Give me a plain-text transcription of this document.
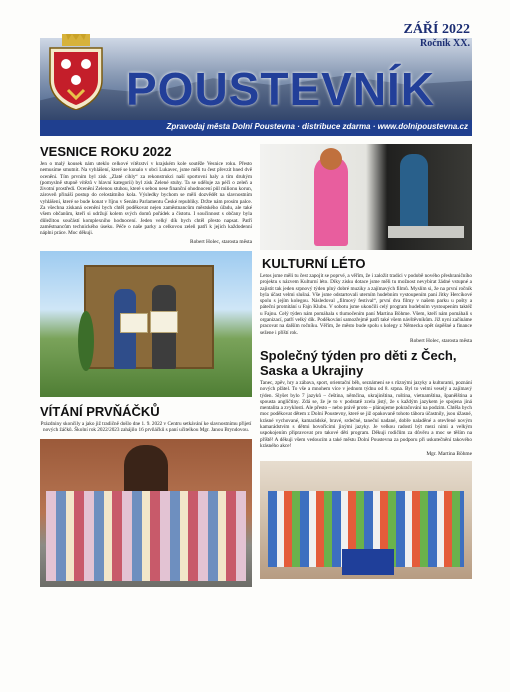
POUSTEVNÍK
ZÁŘÍ 2022
Ročník XX.
Zpravodaj města Dolní Poustevna · distribuce zdarma · www.dolnipoustevna.cz
VESNICE ROKU 2022

Jen o malý kousek nám uteklo celkové vítězství v krajském kole soutěže Vesnice roku. Přesto nemusíme smutnit. Na vyhlášení, které se konalo v obci Lukavec, jsme měli tu čest převzít hned dvě ocenění. Tím prvním byl zisk „Zlaté cihly“ za rekonstrukci naší sportovní haly a tím druhým (pomyslně stupně vítězů v hlavní kategorii) byl zisk Zelené stuhy. Ta se uděluje za péči o zeleň a životní prostředí. Ocenění Zelenou stuhou, které s sebou nese finanční ohodnocení půl milionu korun, zároveň přináší postup do celostátního kola. Výsledky bychom se měli dozvědět na slavnostním vyhlášení, které se bude konat v říjnu v Senátu Parlamentu České republiky. Držte nám prosím palce. Za všechna získaná ocenění bych chtěl poděkovat nejen zaměstnancům městského úřadu, ale také všem občanům, kteří si udržují kolem svých domů pořádek a čistotu. I součinnost s občany byla důležitou součástí komplexního hodnocení. Jeden velký dík bych chtěl přesto napsat. Patří zaměstnancům technického úseku. Péče o naše parky a celkovou zeleň patří k jejich každodenní náplni práce. Moc děkuji.

Robert Holec, starosta města
VÍTÁNÍ PRVŇÁČKŮ

Prázdniny skončily a jako již tradičně došlo dne 1. 9. 2022 v Centru setkávání ke slavnostnímu přijetí nových žáčků. Školní rok 2022/2023 zahájilo 16 prvňáčků s paní učitelkou Mgr. Janou Bryndovou.

KULTURNÍ LÉTO

Letos jsme měli tu čest zapojit se poprvé, a věřím, že i založit tradici v podobě nového přeshraničního projektu s názvem Kulturní léto. Díky zisku dotace jsme měli tu možnost nevybírat žádné vstupné a zajistit tak jeden srpnový týden plný dobré muziky a zajímavých filmů. Myslím si, že na první ročník byla účast velmi slušná. Vše jsme odstartovali uterním hudebním vystoupením paní Jitky Hercíkové spolu s jejím kolegou. Následoval „filmový festival“, první dva filmy v našem parku u pošty a páteční promítání u Fajn Klubu. V sobotu jsme ukončili celý program hudebním vystoupením taktéž u Fajnu. Celý týden nám pomáhala s tlumočením paní Martina Böhme. Všem, kteří nám pomáhali s organizací, patří velký dík. Poděkování samozřejmě patří také všem návštěvníkům. Již nyní začínáme pracovat na dalším ročníku. Věřím, že město bude spolu s kolegy z Německa opět úspěšné a finance sežene i příští rok.

Robert Holec, starosta města
Společný týden pro děti z Čech, Saska a Ukrajiny

Tanec, zpěv, hry a zábava, sport, orientační běh, seznámení se s různými jazyky a kulturami, poznání nových přátel. To vše a mnohem více v jednom týdnu od 8. srpna. Byl to velmi veselý a zajímavý týden. Slyšet bylo 7 jazyků – čeština, němčina, ukrajinština, ruština, vietnamština, španělština a spousta angličtiny. Zdá se, že je to v podstatě zcela jistý, že s každým jazykem je spojena jiná mentalita a zvyklosti. Ale přesto – nebo právě proto – plánujeme pokračování na podzim. Chtěla bych moc poděkovat dětem z Dolní Poustevny, které se již opakovaně tohoto tábora účastnily, jsou úžasné, krásné vychované, kamarádské, bravé, srdečné, taneční nadané, dobře naladěné a otevřené novým kamarádstvím s dětmi hovořícími jinými jazyky. Je velkou radostí být mezi nimi a velkým uspokojením připravovat pro takové děti program. Děkuji rodičům za důvěru a moc se těším na příště! A děkuji všem vedoucím a také městu Dolní Poustevna za podporu při uskutečnění takového krásného akce!

Mgr. Martina Böhme
